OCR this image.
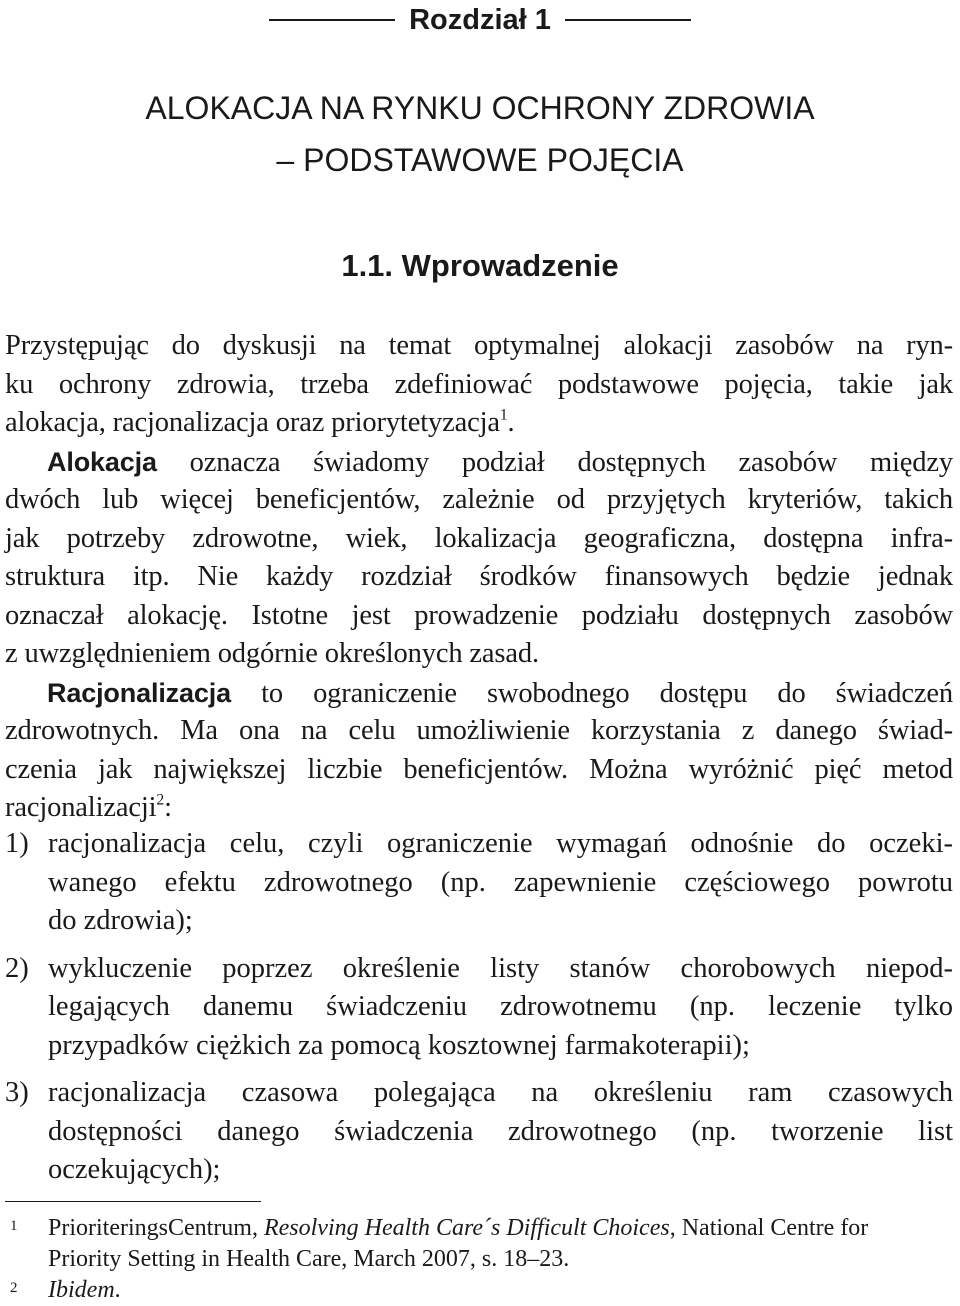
Rozdział 1
ALOKACJA NA RYNKU OCHRONY ZDROWIA
– PODSTAWOWE POJĘCIA
1.1. Wprowadzenie
Przystępując do dyskusji na temat optymalnej alokacji zasobów na ryn-
ku ochrony zdrowia, trzeba zdefiniować podstawowe pojęcia, takie jak
alokacja, racjonalizacja oraz priorytetyzacja$^1$.
Alokacja oznacza świadomy podział dostępnych zasobów między
dwóch lub więcej beneficjentów, zależnie od przyjętych kryteriów, takich
jak potrzeby zdrowotne, wiek, lokalizacja geograficzna, dostępna infra-
struktura itp. Nie każdy rozdział środków finansowych będzie jednak
oznaczał alokację. Istotne jest prowadzenie podziału dostępnych zasobów
z uwzględnieniem odgórnie określonych zasad.
Racjonalizacja to ograniczenie swobodnego dostępu do świadczeń
zdrowotnych. Ma ona na celu umożliwienie korzystania z danego świad-
czenia jak największej liczbie beneficjentów. Można wyróżnić pięć metod
racjonalizacji$^2$:
1) racjonalizacja celu, czyli ograniczenie wymagań odnośnie do oczeki-
wanego efektu zdrowotnego (np. zapewnienie częściowego powrotu
do zdrowia);
2) wykluczenie poprzez określenie listy stanów chorobowych niepod-
legających danemu świadczeniu zdrowotnemu (np. leczenie tylko
przypadków ciężkich za pomocą kosztownej farmakoterapii);
3) racjonalizacja czasowa polegająca na określeniu ram czasowych
dostępności danego świadczenia zdrowotnego (np. tworzenie list
oczekujących);
1 PrioriteringsCentrum, Resolving Health Care´s Difficult Choices, National Centre for
Priority Setting in Health Care, March 2007, s. 18–23.
2 Ibidem.
